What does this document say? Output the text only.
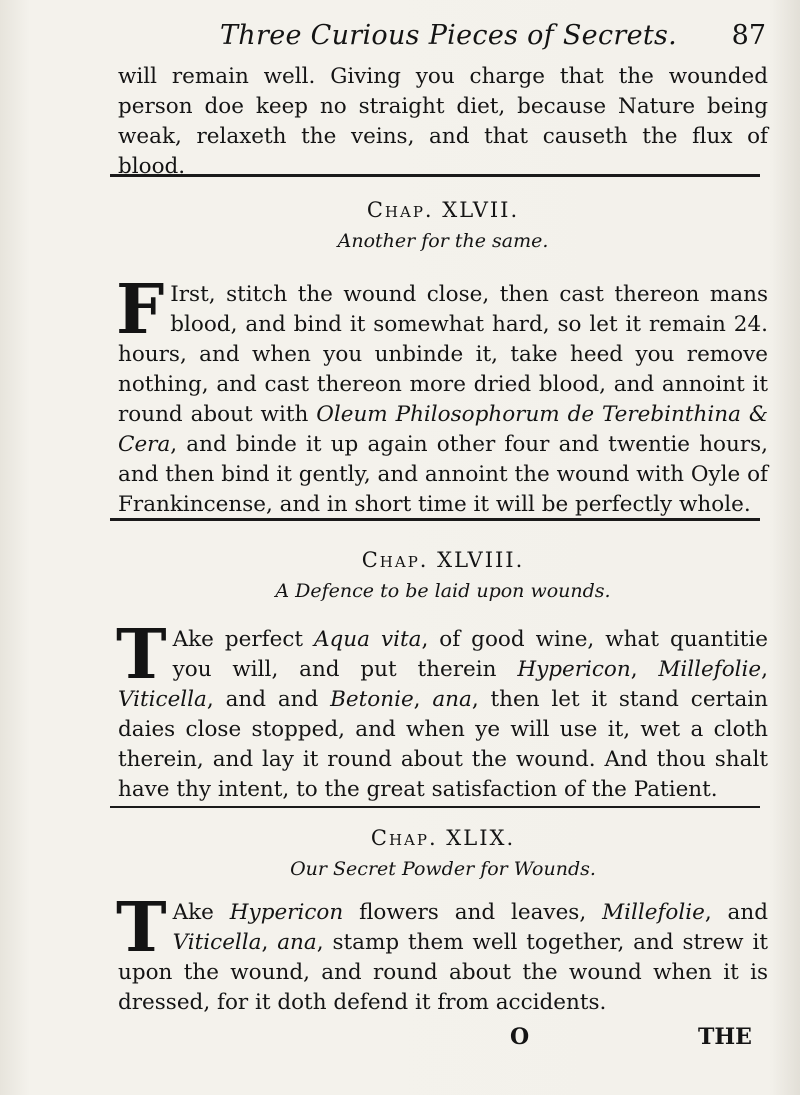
Three Curious Pieces of Secrets. 87

will remain well. Giving you charge that the wounded person doe keep no straight diet, because Nature being weak, relaxeth the veins, and that causeth the flux of blood.

Chap. XLVII.
Another for the same.

F Irst, stitch the wound close, then cast thereon mans blood, and bind it somewhat hard, so let it remain 24. hours, and when you unbinde it, take heed you remove nothing, and cast thereon more dried blood, and annoint it round about with Oleum Philosophorum de Terebinthina & Cera, and binde it up again other four and twentie hours, and then bind it gently, and annoint the wound with Oyle of Frankincense, and in short time it will be perfectly whole.

Chap. XLVIII.
A Defence to be laid upon wounds.

T Ake perfect Aqua vita, of good wine, what quantitie you will, and put therein Hypericon, Millefolie, Viticella, and and Betonie, ana, then let it stand certain daies close stopped, and when ye will use it, wet a cloth therein, and lay it round about the wound. And thou shalt have thy intent, to the great satisfaction of the Patient.

Chap. XLIX.
Our Secret Powder for Wounds.

T Ake Hypericon flowers and leaves, Millefolie, and Viticella, ana, stamp them well together, and strew it upon the wound, and round about the wound when it is dressed, for it doth defend it from accidents.

O	THE
